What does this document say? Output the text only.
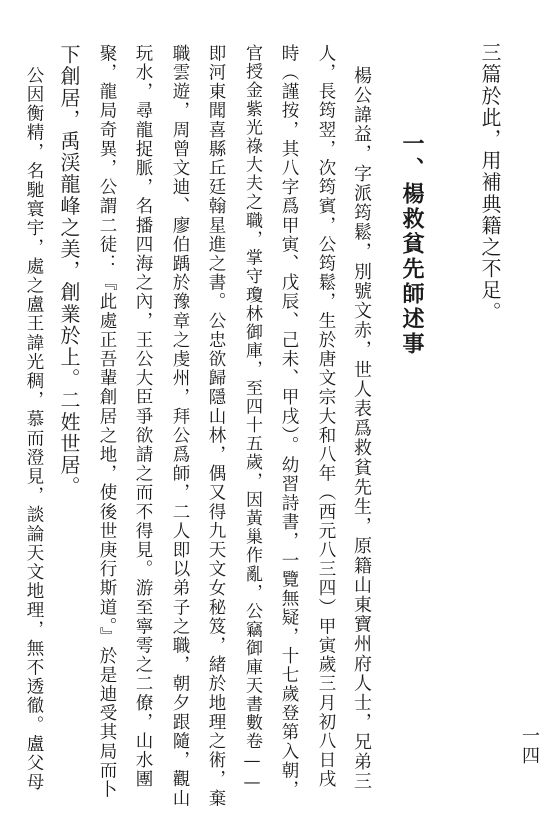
三篇於此，用補典籍之不足。
一、楊救貧先師述事
楊公諱益，字派筠鬆，別號文赤，世人表爲救貧先生，原籍山東寶州府人士，兄弟三
人，長筠翌，次筠賓，公筠鬆，生於唐文宗大和八年（西元八三四）甲寅歲三月初八日戌
時（謹按，其八字爲甲寅、戊辰、己未、甲戌）。幼習詩書，一覽無疑，十七歲登第入朝，
官授金紫光祿大夫之職，掌守瓊林御庫，至四十五歲，因黃巢作亂，公竊御庫天書數卷——
即河東聞喜縣丘廷翰星進之書。公忠欲歸隱山林，偶又得九天文女秘笈，緒於地理之術，棄
職雲遊，周曾文迪、廖伯踽於豫章之虔州，拜公爲師，二人即以弟子之職，朝夕跟隨，觀山
玩水，尋龍捉脈，名播四海之內，王公大臣爭欲請之而不得見。游至寧雩之二僚，山水團
聚，龍局奇異，公謂二徒：『此處正吾輩創居之地，使後世庚行斯道。』於是迪受其局而卜
下創居，禹渓龍峰之美，創業於上。二姓世居。
公因衡精，名馳寰宇，處之盧王諱光稠，慕而澄見，談論天文地理，無不透徹。盧父母	一四
